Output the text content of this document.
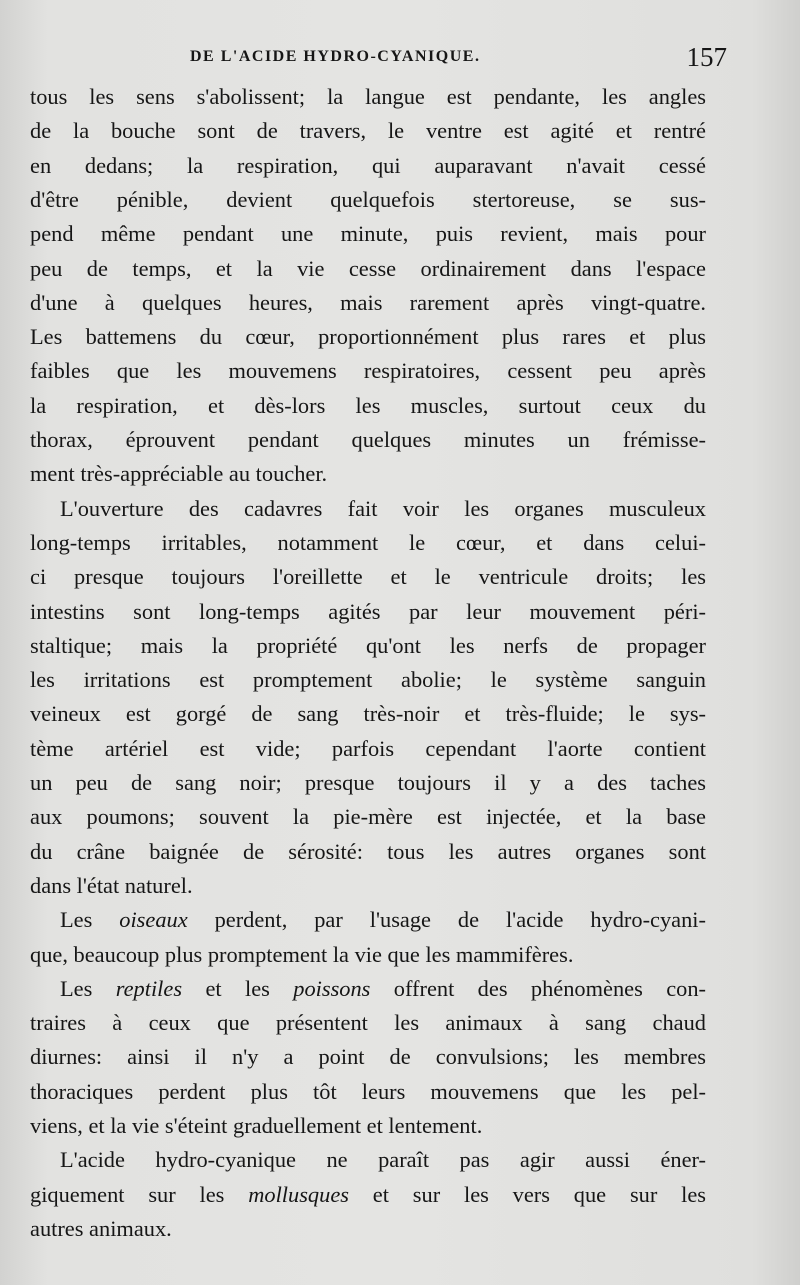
DE L'ACIDE HYDRO-CYANIQUE.	157
tous les sens s'abolissent; la langue est pendante, les angles
de la bouche sont de travers, le ventre est agité et rentré
en dedans; la respiration, qui auparavant n'avait cessé
d'être pénible, devient quelquefois stertoreuse, se sus-
pend même pendant une minute, puis revient, mais pour
peu de temps, et la vie cesse ordinairement dans l'espace
d'une à quelques heures, mais rarement après vingt-quatre.
Les battemens du cœur, proportionnément plus rares et plus
faibles que les mouvemens respiratoires, cessent peu après
la respiration, et dès-lors les muscles, surtout ceux du
thorax, éprouvent pendant quelques minutes un frémisse-
ment très-appréciable au toucher.
L'ouverture des cadavres fait voir les organes musculeux
long-temps irritables, notamment le cœur, et dans celui-
ci presque toujours l'oreillette et le ventricule droits; les
intestins sont long-temps agités par leur mouvement péri-
staltique; mais la propriété qu'ont les nerfs de propager
les irritations est promptement abolie; le système sanguin
veineux est gorgé de sang très-noir et très-fluide; le sys-
tème artériel est vide; parfois cependant l'aorte contient
un peu de sang noir; presque toujours il y a des taches
aux poumons; souvent la pie-mère est injectée, et la base
du crâne baignée de sérosité: tous les autres organes sont
dans l'état naturel.
Les oiseaux perdent, par l'usage de l'acide hydro-cyani-
que, beaucoup plus promptement la vie que les mammifères.
Les reptiles et les poissons offrent des phénomènes con-
traires à ceux que présentent les animaux à sang chaud
diurnes: ainsi il n'y a point de convulsions; les membres
thoraciques perdent plus tôt leurs mouvemens que les pel-
viens, et la vie s'éteint graduellement et lentement.
L'acide hydro-cyanique ne paraît pas agir aussi éner-
giquement sur les mollusques et sur les vers que sur les
autres animaux.
